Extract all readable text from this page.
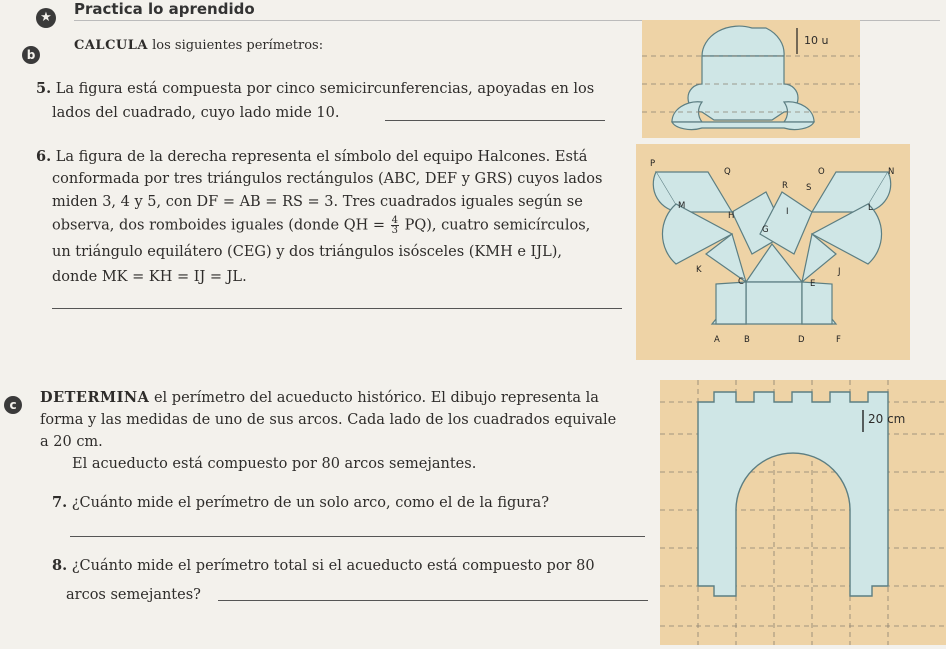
★ Practica lo aprendido
b
CALCULA los siguientes perímetros:
5. La figura está compuesta por cinco semicircunferencias, apoyadas en los
lados del cuadrado, cuyo lado mide 10.
10 u
6. La figura de la derecha representa el símbolo del equipo Halcones. Está
conformada por tres triángulos rectángulos (ABC, DEF y GRS) cuyos lados
miden 3, 4 y 5, con DF = AB = RS = 3. Tres cuadrados iguales según se
observa, dos romboides iguales (donde QH = $\frac{4}{3} PQ$), cuatro semicírculos,
un triángulo equilátero (CEG) y dos triángulos isósceles (KMH e IJL),
donde MK = KH = IJ = JL.
P
Q	O	N
R S
M
H	I	L
G
K	J
C	E
A	B	D	F
c	DETERMINA el perímetro del acueducto histórico. El dibujo representa la
forma y las medidas de uno de sus arcos. Cada lado de los cuadrados equivale
a 20 cm.
El acueducto está compuesto por 80 arcos semejantes.
7. ¿Cuánto mide el perímetro de un solo arco, como el de la figura?
8. ¿Cuánto mide el perímetro total si el acueducto está compuesto por 80
arcos semejantes?
20 cm
